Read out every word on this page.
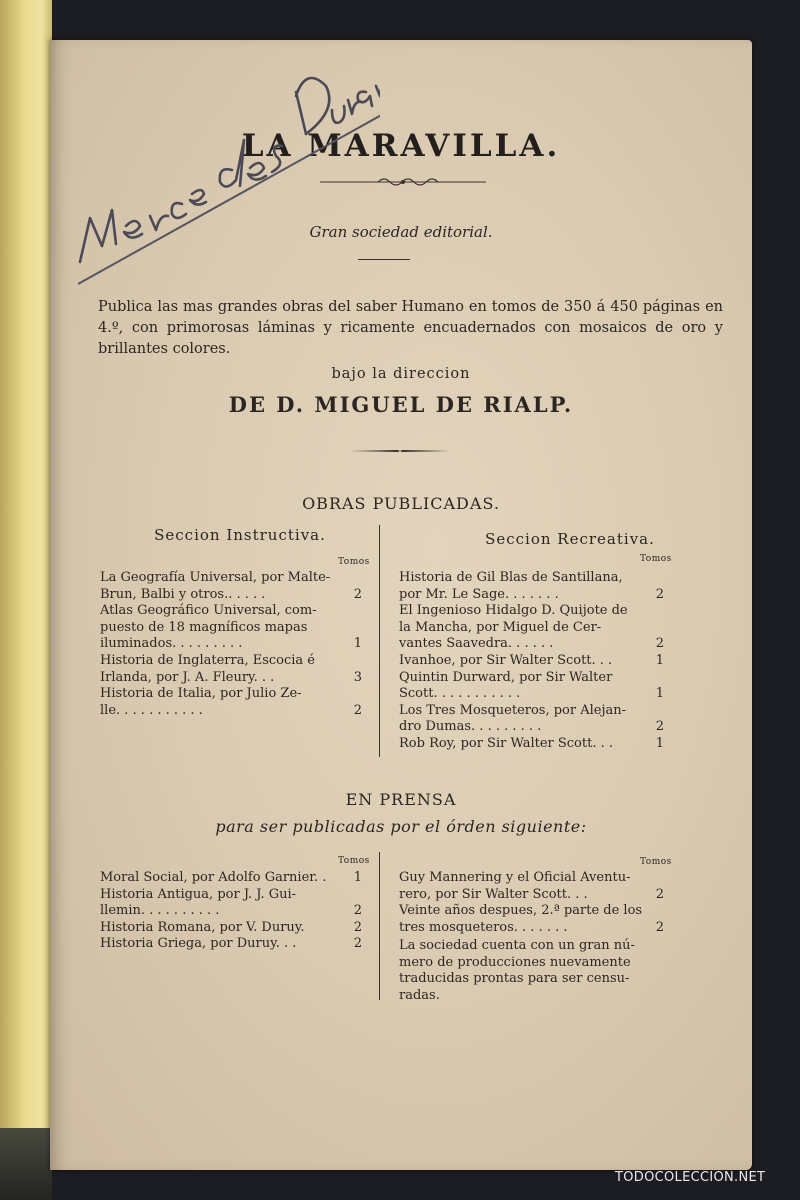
LA MARAVILLA.
Gran sociedad editorial.
Publica las mas grandes obras del saber Humano en tomos de 350 á 450 páginas en 4.º, con primorosas láminas y ricamente encuadernados con mosaicos de oro y brillantes colores.
bajo la direccion
DE D. MIGUEL DE RIALP.
OBRAS PUBLICADAS.
Seccion Instructiva.	Seccion Recreativa.
Tomos	Tomos
La Geografía Universal, por Malte-
Brun, Balbi y otros.. . . . .	2
Atlas Geográfico Universal, com-
puesto de 18 magníficos mapas
iluminados. . . . . . . . .	1
Historia de Inglaterra, Escocia é
Irlanda, por J. A. Fleury. . .	3
Historia de Italia, por Julio Ze-
lle. . . . . . . . . . .	2
Historia de Gil Blas de Santillana,
por Mr. Le Sage. . . . . . .	2
El Ingenioso Hidalgo D. Quijote de
la Mancha, por Miguel de Cer-
vantes Saavedra. . . . . .	2
Ivanhoe, por Sir Walter Scott. . .	1
Quintin Durward, por Sir Walter
Scott. . . . . . . . . . .	1
Los Tres Mosqueteros, por Alejan-
dro Dumas. . . . . . . . .	2
Rob Roy, por Sir Walter Scott. . .	1
EN PRENSA
para ser publicadas por el órden siguiente:
Tomos	Tomos
Moral Social, por Adolfo Garnier. . 1
Historia Antigua, por J. J. Gui-
llemin. . . . . . . . . .	2
Historia Romana, por V. Duruy.	2
Historia Griega, por Duruy. . .	2
Guy Mannering y el Oficial Aventu-
rero, por Sir Walter Scott. . .	2
Veinte años despues, 2.ª parte de los
tres mosqueteros. . . . . . .	2
La sociedad cuenta con un gran nú-
mero de producciones nuevamente
traducidas prontas para ser censu-
radas.
TODOCOLECCION.NET
